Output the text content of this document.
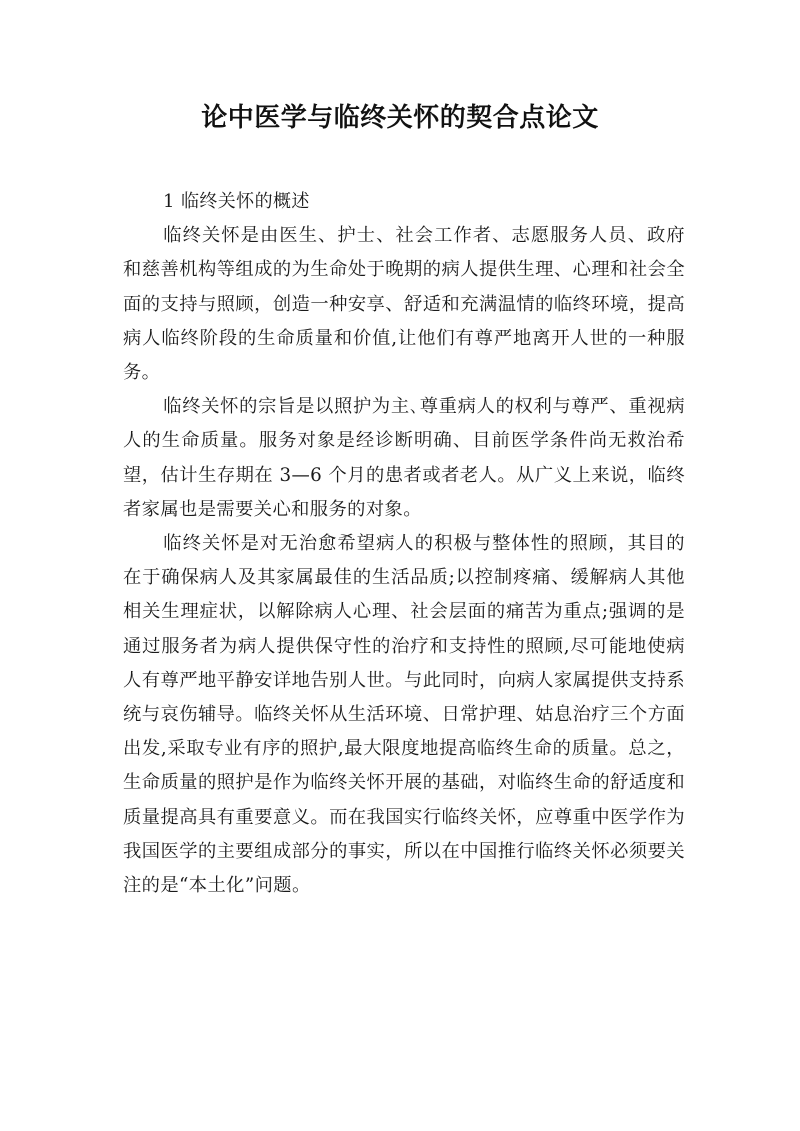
论中医学与临终关怀的契合点论文

1 临终关怀的概述

临终关怀是由医生、护士、社会工作者、志愿服务人员、政府和慈善机构等组成的为生命处于晚期的病人提供生理、心理和社会全面的支持与照顾，创造一种安享、舒适和充满温情的临终环境，提高病人临终阶段的生命质量和价值,让他们有尊严地离开人世的一种服务。

临终关怀的宗旨是以照护为主､尊重病人的权利与尊严、重视病人的生命质量。服务对象是经诊断明确、目前医学条件尚无救治希望，估计生存期在 3—6 个月的患者或者老人。从广义上来说，临终者家属也是需要关心和服务的对象。

临终关怀是对无治愈希望病人的积极与整体性的照顾，其目的在于确保病人及其家属最佳的生活品质;以控制疼痛、缓解病人其他相关生理症状，以解除病人心理、社会层面的痛苦为重点;强调的是通过服务者为病人提供保守性的治疗和支持性的照顾,尽可能地使病人有尊严地平静安详地告别人世。与此同时，向病人家属提供支持系统与哀伤辅导。临终关怀从生活环境、日常护理、姑息治疗三个方面出发,采取专业有序的照护,最大限度地提高临终生命的质量。总之，生命质量的照护是作为临终关怀开展的基础，对临终生命的舒适度和质量提高具有重要意义。而在我国实行临终关怀，应尊重中医学作为我国医学的主要组成部分的事实，所以在中国推行临终关怀必须要关注的是“本土化”问题。
